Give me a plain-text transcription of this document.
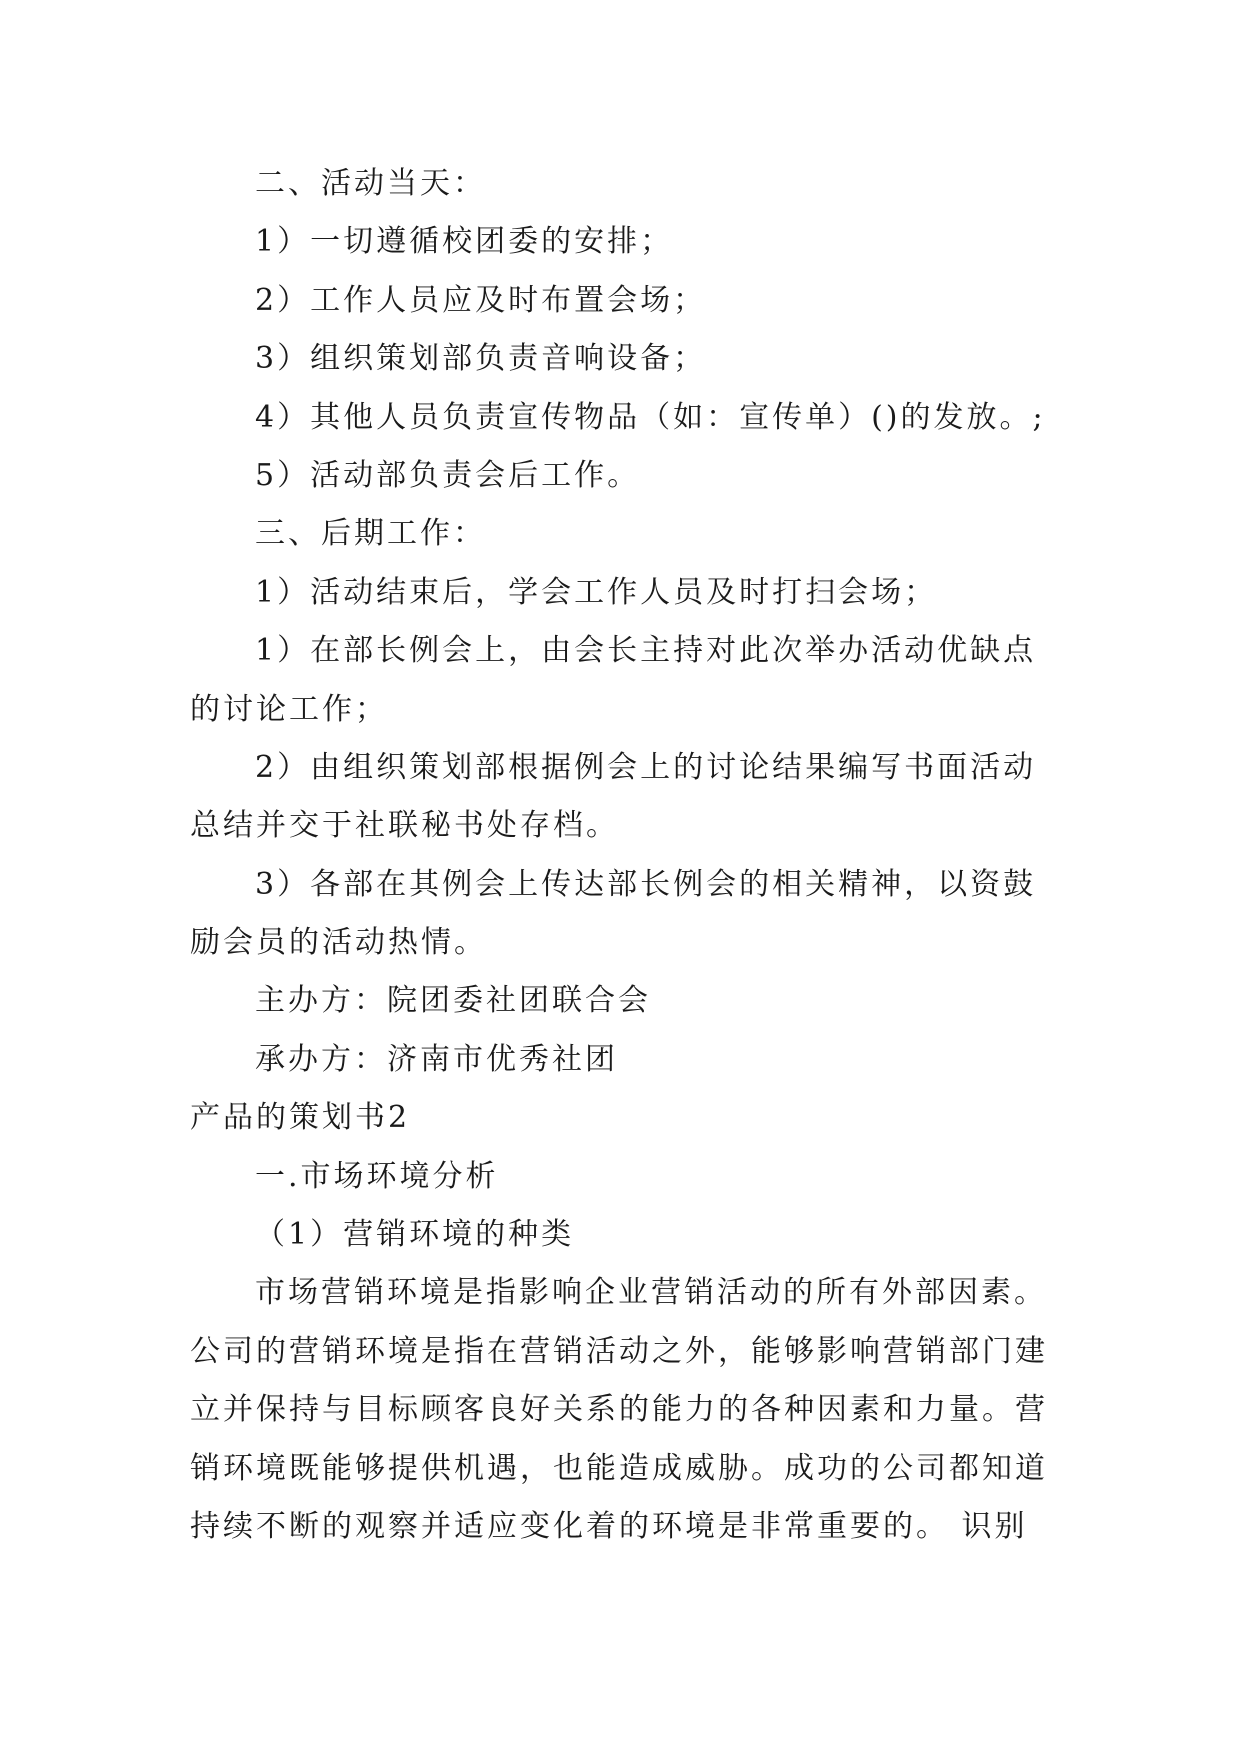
二、活动当天：
1）一切遵循校团委的安排；
2）工作人员应及时布置会场；
3）组织策划部负责音响设备；
4）其他人员负责宣传物品（如：宣传单）()的发放。;
5）活动部负责会后工作。
三、后期工作：
1）活动结束后，学会工作人员及时打扫会场；
1）在部长例会上，由会长主持对此次举办活动优缺点
的讨论工作；
2）由组织策划部根据例会上的讨论结果编写书面活动
总结并交于社联秘书处存档。
3）各部在其例会上传达部长例会的相关精神，以资鼓
励会员的活动热情。
主办方：院团委社团联合会
承办方：济南市优秀社团
产品的策划书2
一.市场环境分析
（1）营销环境的种类
市场营销环境是指影响企业营销活动的所有外部因素。
公司的营销环境是指在营销活动之外，能够影响营销部门建
立并保持与目标顾客良好关系的能力的各种因素和力量。营
销环境既能够提供机遇，也能造成威胁。成功的公司都知道
持续不断的观察并适应变化着的环境是非常重要的。 识别
